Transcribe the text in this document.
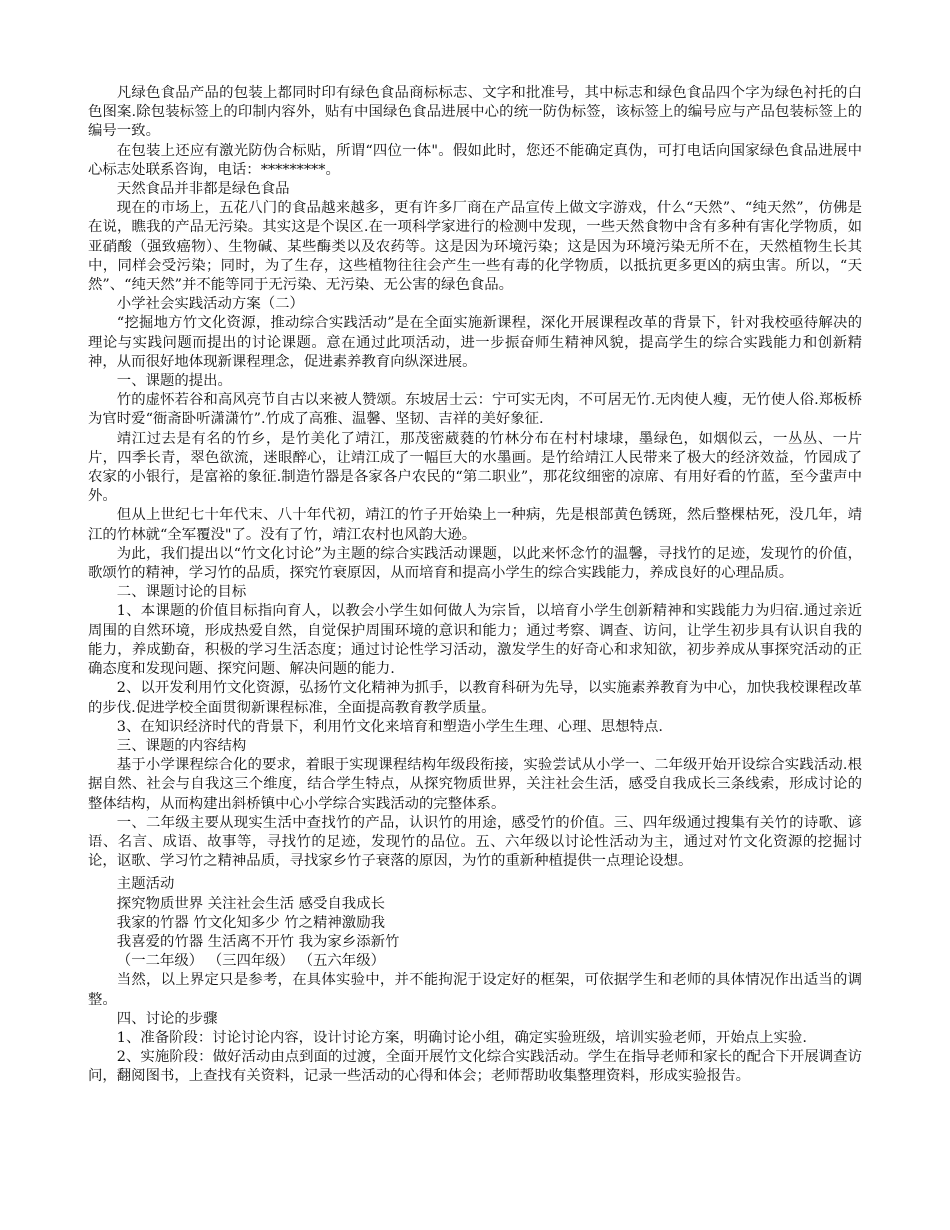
凡绿色食品产品的包装上都同时印有绿色食品商标标志、文字和批准号，其中标志和绿色食品四个字为绿色衬托的白色图案.除包装标签上的印制内容外，贴有中国绿色食品进展中心的统一防伪标签，该标签上的编号应与产品包装标签上的编号一致。

在包装上还应有激光防伪合标贴，所谓“四位一体"。假如此时，您还不能确定真伪，可打电话向国家绿色食品进展中心标志处联系咨询，电话：*********。

天然食品并非都是绿色食品

现在的市场上，五花八门的食品越来越多，更有许多厂商在产品宣传上做文字游戏，什么“天然”、“纯天然”，仿佛是在说，瞧我的产品无污染。其实这是个误区.在一项科学家进行的检测中发现，一些天然食物中含有多种有害化学物质，如亚硝酸（强致癌物）、生物碱、某些酶类以及农药等。这是因为环境污染；这是因为环境污染无所不在，天然植物生长其中，同样会受污染；同时，为了生存，这些植物往往会产生一些有毒的化学物质，以抵抗更多更凶的病虫害。所以，“天然”、“纯天然”并不能等同于无污染、无污染、无公害的绿色食品。

小学社会实践活动方案（二）

“挖掘地方竹文化资源，推动综合实践活动”是在全面实施新课程，深化开展课程改革的背景下，针对我校亟待解决的理论与实践问题而提出的讨论课题。意在通过此项活动，进一步振奋师生精神风貌，提高学生的综合实践能力和创新精神，从而很好地体现新课程理念，促进素养教育向纵深进展。

一、课题的提出。

竹的虚怀若谷和高风亮节自古以来被人赞颂。东坡居士云：宁可实无肉，不可居无竹.无肉使人瘦，无竹使人俗.郑板桥为官时爱“衙斋卧听潇潇竹”.竹成了高雅、温馨、坚韧、吉祥的美好象征.

靖江过去是有名的竹乡，是竹美化了靖江，那茂密葳蕤的竹林分布在村村埭埭，墨绿色，如烟似云，一丛丛、一片片，四季长青，翠色欲流，迷眼醉心，让靖江成了一幅巨大的水墨画。是竹给靖江人民带来了极大的经济效益，竹园成了农家的小银行，是富裕的象征.制造竹器是各家各户农民的“第二职业”，那花纹细密的凉席、有用好看的竹蓝，至今蜚声中外。

但从上世纪七十年代末、八十年代初，靖江的竹子开始染上一种病，先是根部黄色锈斑，然后整棵枯死，没几年，靖江的竹林就“全军覆没"了。没有了竹，靖江农村也风韵大逊。

为此，我们提出以“竹文化讨论”为主题的综合实践活动课题，以此来怀念竹的温馨，寻找竹的足迹，发现竹的价值，歌颂竹的精神，学习竹的品质，探究竹衰原因，从而培育和提高小学生的综合实践能力，养成良好的心理品质。

二、课题讨论的目标

1、本课题的价值目标指向育人，以教会小学生如何做人为宗旨，以培育小学生创新精神和实践能力为归宿.通过亲近周围的自然环境，形成热爱自然，自觉保护周围环境的意识和能力；通过考察、调查、访问，让学生初步具有认识自我的能力，养成勤奋，积极的学习生活态度；通过讨论性学习活动，激发学生的好奇心和求知欲，初步养成从事探究活动的正确态度和发现问题、探究问题、解决问题的能力.

2、以开发利用竹文化资源，弘扬竹文化精神为抓手，以教育科研为先导，以实施素养教育为中心，加快我校课程改革的步伐.促进学校全面贯彻新课程标准，全面提高教育教学质量。

3、在知识经济时代的背景下，利用竹文化来培育和塑造小学生生理、心理、思想特点.

三、课题的内容结构

基于小学课程综合化的要求，着眼于实现课程结构年级段衔接，实验尝试从小学一、二年级开始开设综合实践活动.根据自然、社会与自我这三个维度，结合学生特点，从探究物质世界，关注社会生活，感受自我成长三条线索，形成讨论的整体结构，从而构建出斜桥镇中心小学综合实践活动的完整体系。

一、二年级主要从现实生活中查找竹的产品，认识竹的用途，感受竹的价值。三、四年级通过搜集有关竹的诗歌、谚语、名言、成语、故事等，寻找竹的足迹，发现竹的品位。五、六年级以讨论性活动为主，通过对竹文化资源的挖掘讨论，讴歌、学习竹之精神品质，寻找家乡竹子衰落的原因，为竹的重新种植提供一点理论设想。

主题活动

探究物质世界 关注社会生活 感受自我成长

我家的竹器 竹文化知多少 竹之精神激励我

我喜爱的竹器 生活离不开竹 我为家乡添新竹

（一二年级） （三四年级） （五六年级）

当然，以上界定只是参考，在具体实验中，并不能拘泥于设定好的框架，可依据学生和老师的具体情况作出适当的调整。

四、讨论的步骤

1、准备阶段：讨论讨论内容，设计讨论方案，明确讨论小组，确定实验班级，培训实验老师，开始点上实验.

2、实施阶段：做好活动由点到面的过渡，全面开展竹文化综合实践活动。学生在指导老师和家长的配合下开展调查访问，翻阅图书，上查找有关资料，记录一些活动的心得和体会；老师帮助收集整理资料，形成实验报告。
